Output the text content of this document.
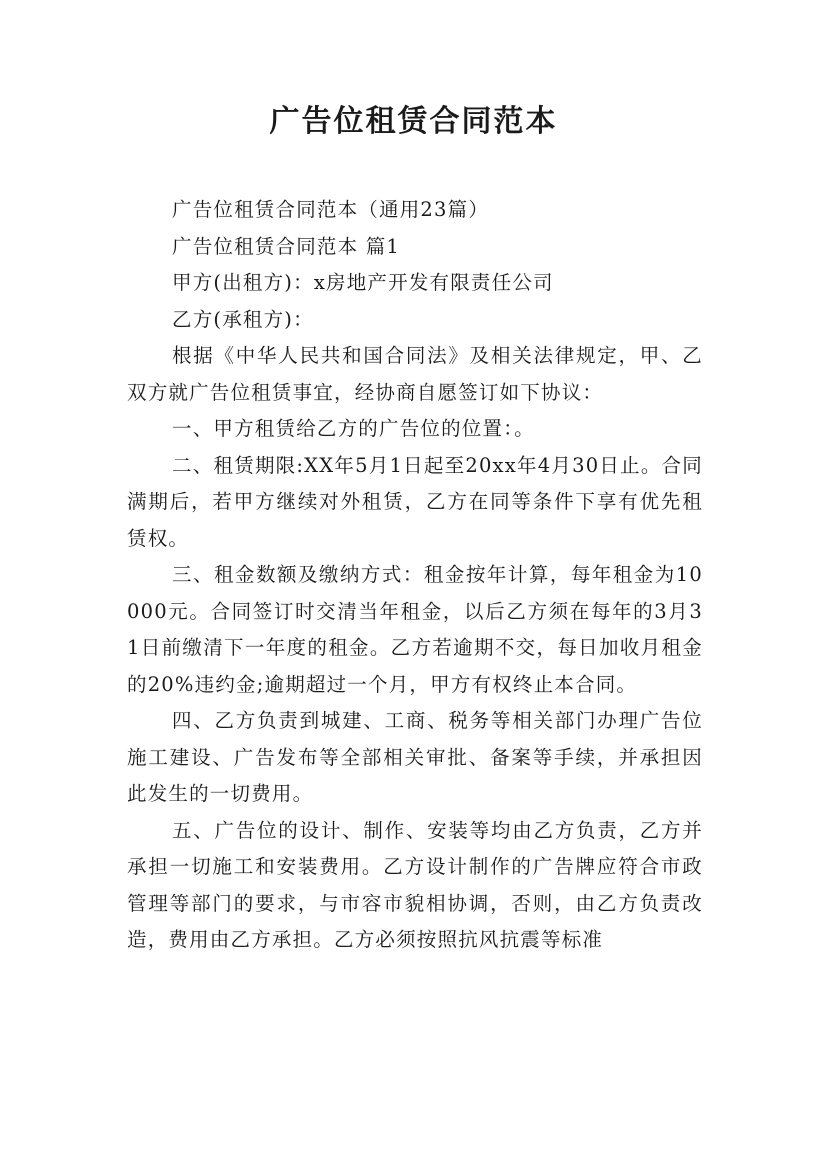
广告位租赁合同范本

广告位租赁合同范本（通用23篇）

广告位租赁合同范本 篇1

甲方(出租方)：x房地产开发有限责任公司

乙方(承租方)：

根据《中华人民共和国合同法》及相关法律规定，甲、乙双方就广告位租赁事宜，经协商自愿签订如下协议：

一、甲方租赁给乙方的广告位的位置：。

二、租赁期限:XX年5月1日起至20xx年4月30日止。合同满期后，若甲方继续对外租赁，乙方在同等条件下享有优先租赁权。

三、租金数额及缴纳方式：租金按年计算，每年租金为10000元。合同签订时交清当年租金，以后乙方须在每年的3月31日前缴清下一年度的租金。乙方若逾期不交，每日加收月租金的20%违约金;逾期超过一个月，甲方有权终止本合同。

四、乙方负责到城建、工商、税务等相关部门办理广告位施工建设、广告发布等全部相关审批、备案等手续，并承担因此发生的一切费用。

五、广告位的设计、制作、安装等均由乙方负责，乙方并承担一切施工和安装费用。乙方设计制作的广告牌应符合市政管理等部门的要求，与市容市貌相协调，否则，由乙方负责改造，费用由乙方承担。乙方必须按照抗风抗震等标准
